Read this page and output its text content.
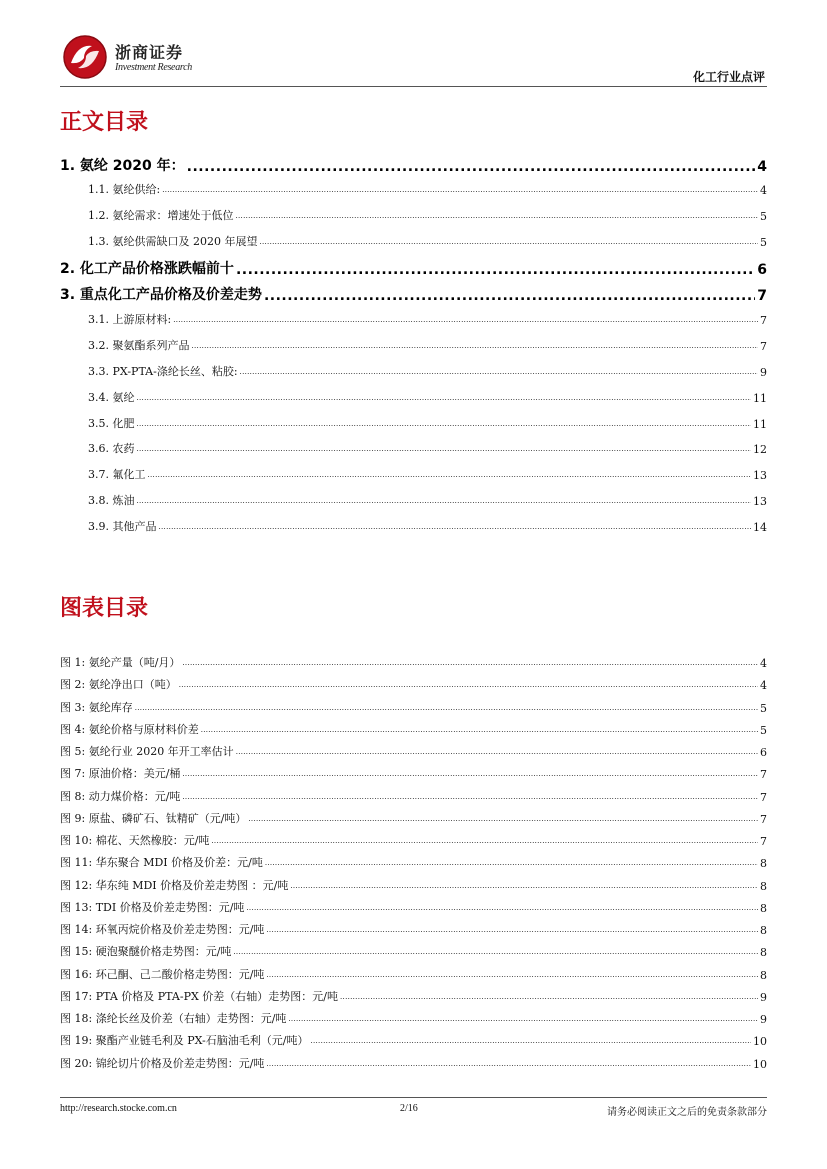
浙商证券
Investment Research
化工行业点评
正文目录
1. 氨纶 2020 年： .....	4
1.1. 氨纶供给: .....	4
1.2. 氨纶需求：增速处于低位 .....	5
1.3. 氨纶供需缺口及 2020 年展望 .....	5
2. 化工产品价格涨跌幅前十 .....	6
3. 重点化工产品价格及价差走势 .....	7
3.1. 上游原材料: .....	7
3.2. 聚氨酯系列产品 .....	7
3.3. PX-PTA-涤纶长丝、粘胶: .....	9
3.4. 氨纶 .....	11
3.5. 化肥 .....	11
3.6. 农药 .....	12
3.7. 氟化工 .....	13
3.8. 炼油 .....	13
3.9. 其他产品 .....	14
图表目录
图 1: 氨纶产量（吨/月） .....	4
图 2: 氨纶净出口（吨） .....	4
图 3: 氨纶库存 .....	5
图 4: 氨纶价格与原材料价差 .....	5
图 5: 氨纶行业 2020 年开工率估计 .....	6
图 7: 原油价格：美元/桶 .....	7
图 8: 动力煤价格：元/吨 .....	7
图 9: 原盐、磷矿石、钛精矿（元/吨） .....	7
图 10: 棉花、天然橡胶：元/吨 .....	7
图 11: 华东聚合 MDI 价格及价差：元/吨 .....	8
图 12: 华东纯 MDI 价格及价差走势图 ：元/吨 .....	8
图 13: TDI 价格及价差走势图：元/吨 .....	8
图 14: 环氧丙烷价格及价差走势图：元/吨 .....	8
图 15: 硬泡聚醚价格走势图：元/吨 .....	8
图 16: 环己酮、己二酸价格走势图：元/吨 .....	8
图 17: PTA 价格及 PTA-PX 价差（右轴）走势图：元/吨 .....	9
图 18: 涤纶长丝及价差（右轴）走势图：元/吨 .....	9
图 19: 聚酯产业链毛利及 PX-石脑油毛利（元/吨） .....	10
图 20: 锦纶切片价格及价差走势图：元/吨 .....	10
http://research.stocke.com.cn	2/16	请务必阅读正文之后的免责条款部分
